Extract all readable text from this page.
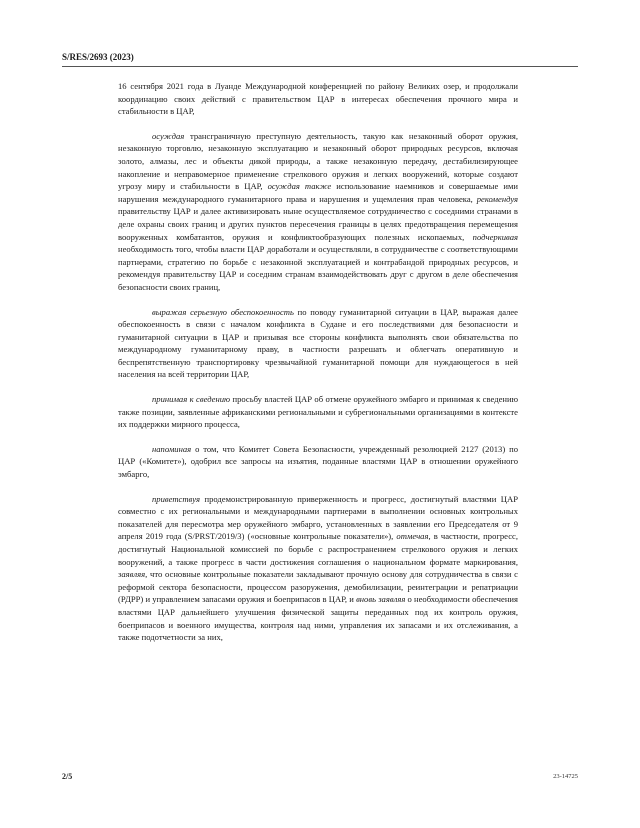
S/RES/2693 (2023)

16 сентября 2021 года в Луанде Международной конференцией по району Великих озер, и продолжали координацию своих действий с правительством ЦАР в интересах обеспечения прочного мира и стабильности в ЦАР,

осуждая трансграничную преступную деятельность, такую как незаконный оборот оружия, незаконную торговлю, незаконную эксплуатацию и незаконный оборот природных ресурсов, включая золото, алмазы, лес и объекты дикой природы, а также незаконную передачу, дестабилизирующее накопление и неправомерное применение стрелкового оружия и легких вооружений, которые создают угрозу миру и стабильности в ЦАР, осуждая также использование наемников и совершаемые ими нарушения международного гуманитарного права и нарушения и ущемления прав человека, рекомендуя правительству ЦАР и далее активизировать ныне осуществляемое сотрудничество с соседними странами в деле охраны своих границ и других пунктов пересечения границы в целях предотвращения перемещения вооруженных комбатантов, оружия и конфликтообразующих полезных ископаемых, подчеркивая необходимость того, чтобы власти ЦАР доработали и осуществляли, в сотрудничестве с соответствующими партнерами, стратегию по борьбе с незаконной эксплуатацией и контрабандой природных ресурсов, и рекомендуя правительству ЦАР и соседним странам взаимодействовать друг с другом в деле обеспечения безопасности своих границ,

выражая серьезную обеспокоенность по поводу гуманитарной ситуации в ЦАР, выражая далее обеспокоенность в связи с началом конфликта в Судане и его последствиями для безопасности и гуманитарной ситуации в ЦАР и призывая все стороны конфликта выполнять свои обязательства по международному гуманитарному праву, в частности разрешать и облегчать оперативную и беспрепятственную транспортировку чрезвычайной гуманитарной помощи для нуждающегося в ней населения на всей территории ЦАР,

принимая к сведению просьбу властей ЦАР об отмене оружейного эмбарго и принимая к сведению также позиции, заявленные африканскими региональными и субрегиональными организациями в контексте их поддержки мирного процесса,

напоминая о том, что Комитет Совета Безопасности, учрежденный резолюцией 2127 (2013) по ЦАР («Комитет»), одобрил все запросы на изъятия, поданные властями ЦАР в отношении оружейного эмбарго,

приветствуя продемонстрированную приверженность и прогресс, достигнутый властями ЦАР совместно с их региональными и международными партнерами в выполнении основных контрольных показателей для пересмотра мер оружейного эмбарго, установленных в заявлении его Председателя от 9 апреля 2019 года (S/PRST/2019/3) («основные контрольные показатели»), отмечая, в частности, прогресс, достигнутый Национальной комиссией по борьбе с распространением стрелкового оружия и легких вооружений, а также прогресс в части достижения соглашения о национальном формате маркирования, заявляя, что основные контрольные показатели закладывают прочную основу для сотрудничества в связи с реформой сектора безопасности, процессом разоружения, демобилизации, реинтеграции и репатриации (РДРР) и управлением запасами оружия и боеприпасов в ЦАР, и вновь заявляя о необходимости обеспечения властями ЦАР дальнейшего улучшения физической защиты переданных под их контроль оружия, боеприпасов и военного имущества, контроля над ними, управления их запасами и их отслеживания, а также подотчетности за них,

2/5	23-14725
